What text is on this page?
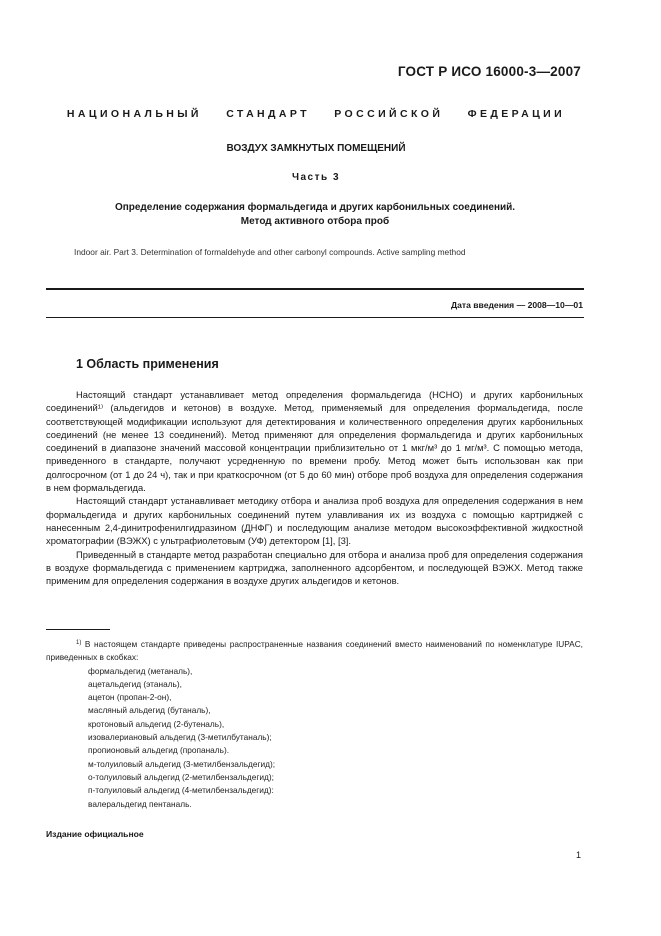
ГОСТ Р ИСО 16000-3—2007
НАЦИОНАЛЬНЫЙ СТАНДАРТ РОССИЙСКОЙ ФЕДЕРАЦИИ
ВОЗДУХ ЗАМКНУТЫХ ПОМЕЩЕНИЙ
Часть 3
Определение содержания формальдегида и других карбонильных соединений.
Метод активного отбора проб
Indoor air. Part 3. Determination of formaldehyde and other carbonyl compounds. Active sampling method
Дата введения — 2008—10—01
1 Область применения

Настоящий стандарт устанавливает метод определения формальдегида (HCHO) и других карбонильных соединений¹⁾ (альдегидов и кетонов) в воздухе. Метод, применяемый для определения формальдегида, после соответствующей модификации используют для детектирования и количественного определения других карбонильных соединений (не менее 13 соединений). Метод применяют для определения формальдегида и других карбонильных соединений в диапазоне значений массовой концентрации приблизительно от 1 мкг/м³ до 1 мг/м³. С помощью метода, приведенного в стандарте, получают усредненную по времени пробу. Метод может быть использован как при долгосрочном (от 1 до 24 ч), так и при краткосрочном (от 5 до 60 мин) отборе проб воздуха для определения содержания в нем формальдегида.

Настоящий стандарт устанавливает методику отбора и анализа проб воздуха для определения содержания в нем формальдегида и других карбонильных соединений путем улавливания их из воздуха с помощью картриджей с нанесенным 2,4-динитрофенилгидразином (ДНФГ) и последующим анализе методом высокоэффективной жидкостной хроматографии (ВЭЖХ) с ультрафиолетовым (УФ) детектором [1], [3].

Приведенный в стандарте метод разработан специально для отбора и анализа проб для определения содержания в воздухе формальдегида с применением картриджа, заполненного адсорбентом, и последующей ВЭЖХ. Метод также применим для определения содержания в воздухе других альдегидов и кетонов.

$^{1)}$ В настоящем стандарте приведены распространенные названия соединений вместо наименований по номенклатуре IUPAC, приведенных в скобках:

формальдегид (метаналь),
ацетальдегид (этаналь),
ацетон (пропан-2-он),
масляный альдегид (бутаналь),
кротоновый альдегид (2-бутеналь),
изовалериановый альдегид (3-метилбутаналь);
пропионовый альдегид (пропаналь).
м-толуиловый альдегид (3-метилбензальдегид);
о-толуиловый альдегид (2-метилбензальдегид);
п-толуиловый альдегид (4-метилбензальдегид):
валеральдегид пентаналь.
Издание официальное
1
